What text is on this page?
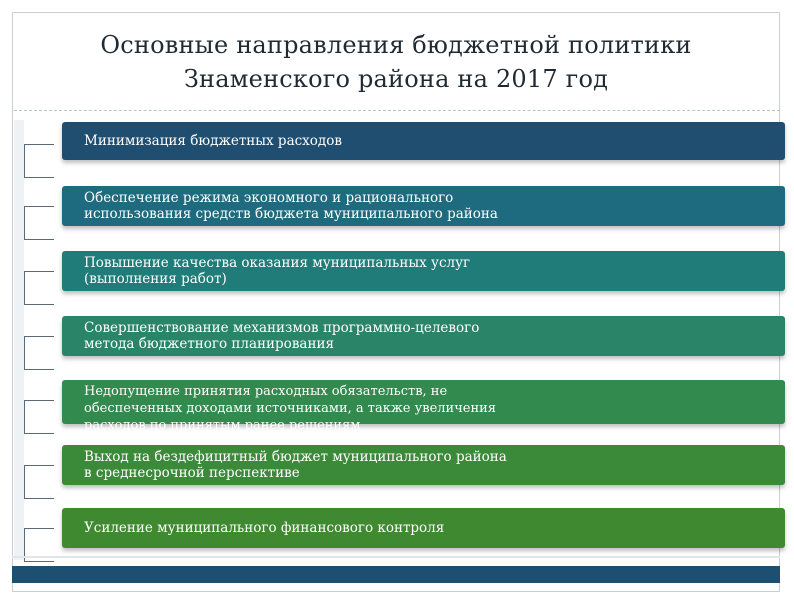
Основные направления бюджетной политики
Знаменского района на 2017 год
Минимизация бюджетных расходов
Обеспечение режима экономного и рационального
использования средств бюджета муниципального района
Повышение качества оказания муниципальных услуг
(выполнения работ)
Совершенствование механизмов программно-целевого
метода бюджетного планирования
Недопущение принятия расходных обязательств, не
обеспеченных доходами источниками, а также увеличения
расходов по принятым ранее решениям
Выход на бездефицитный бюджет муниципального района
в среднесрочной перспективе
Усиление муниципального финансового контроля
